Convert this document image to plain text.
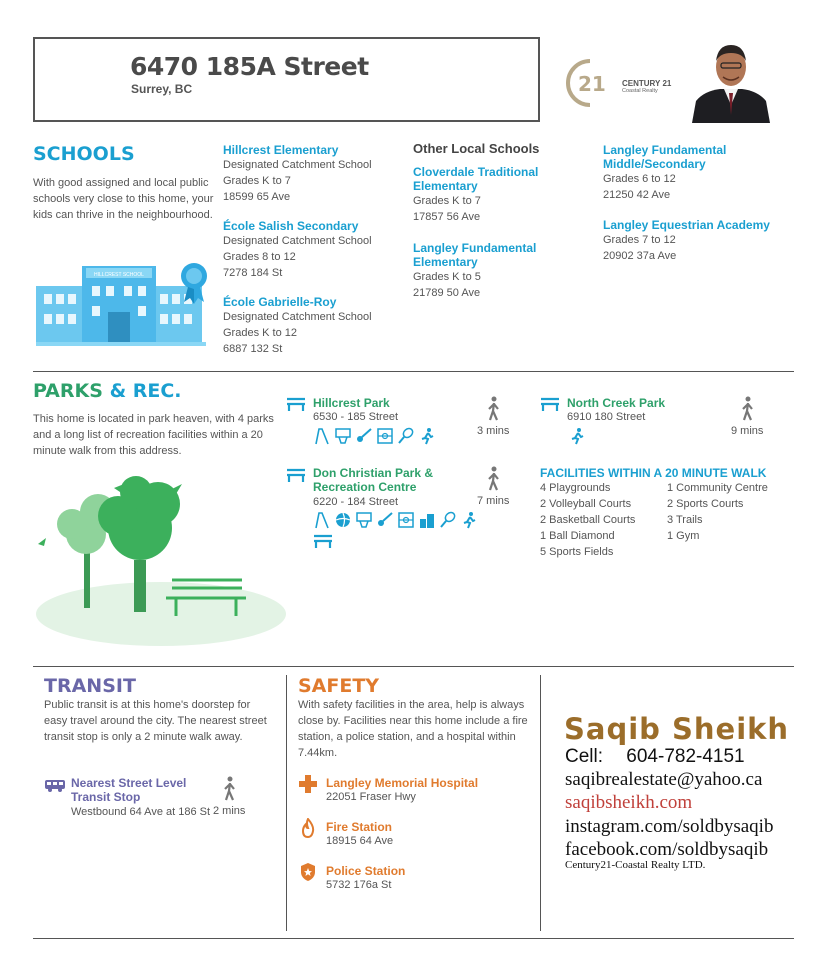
6470 185A Street
Surrey, BC	21 CENTURY 21
Coastal Realty
SCHOOLS
With good assigned and local public schools very close to this home, your kids can thrive in the neighbourhood.
HILLCREST SCHOOL
Hillcrest Elementary
Designated Catchment School
Grades K to 7
18599 65 Ave
École Salish Secondary
Designated Catchment School
Grades 8 to 12
7278 184 St
École Gabrielle-Roy
Designated Catchment School
Grades K to 12
6887 132 St
Other Local Schools
Cloverdale Traditional Elementary
Grades K to 7
17857 56 Ave
Langley Fundamental Elementary
Grades K to 5
21789 50 Ave
Langley Fundamental Middle/Secondary
Grades 6 to 12
21250 42 Ave
Langley Equestrian Academy
Grades 7 to 12
20902 37a Ave
PARKS & REC.
This home is located in park heaven, with 4 parks and a long list of recreation facilities within a 20 minute walk from this address.
Hillcrest Park
6530 - 185 Street
3 mins
North Creek Park
6910 180 Street
9 mins
Don Christian Park & Recreation Centre
6220 - 184 Street	7 mins
FACILITIES WITHIN A 20 MINUTE WALK
4 Playgrounds
2 Volleyball Courts
2 Basketball Courts
1 Ball Diamond
5 Sports Fields
1 Community Centre
2 Sports Courts
3 Trails
1 Gym
TRANSIT
Public transit is at this home's doorstep for easy travel around the city. The nearest street transit stop is only a 2 minute walk away.
Nearest Street Level Transit Stop
Westbound 64 Ave at 186 St 2 mins
SAFETY
With safety facilities in the area, help is always close by. Facilities near this home include a fire station, a police station, and a hospital within 7.44km.
Langley Memorial Hospital
22051 Fraser Hwy
Fire Station
18915 64 Ave
Police Station
5732 176a St
Saqib Sheikh
Cell: 604-782-4151
saqibrealestate@yahoo.ca
saqibsheikh.com
instagram.com/soldbysaqib
facebook.com/soldbysaqib
Century21-Coastal Realty LTD.
